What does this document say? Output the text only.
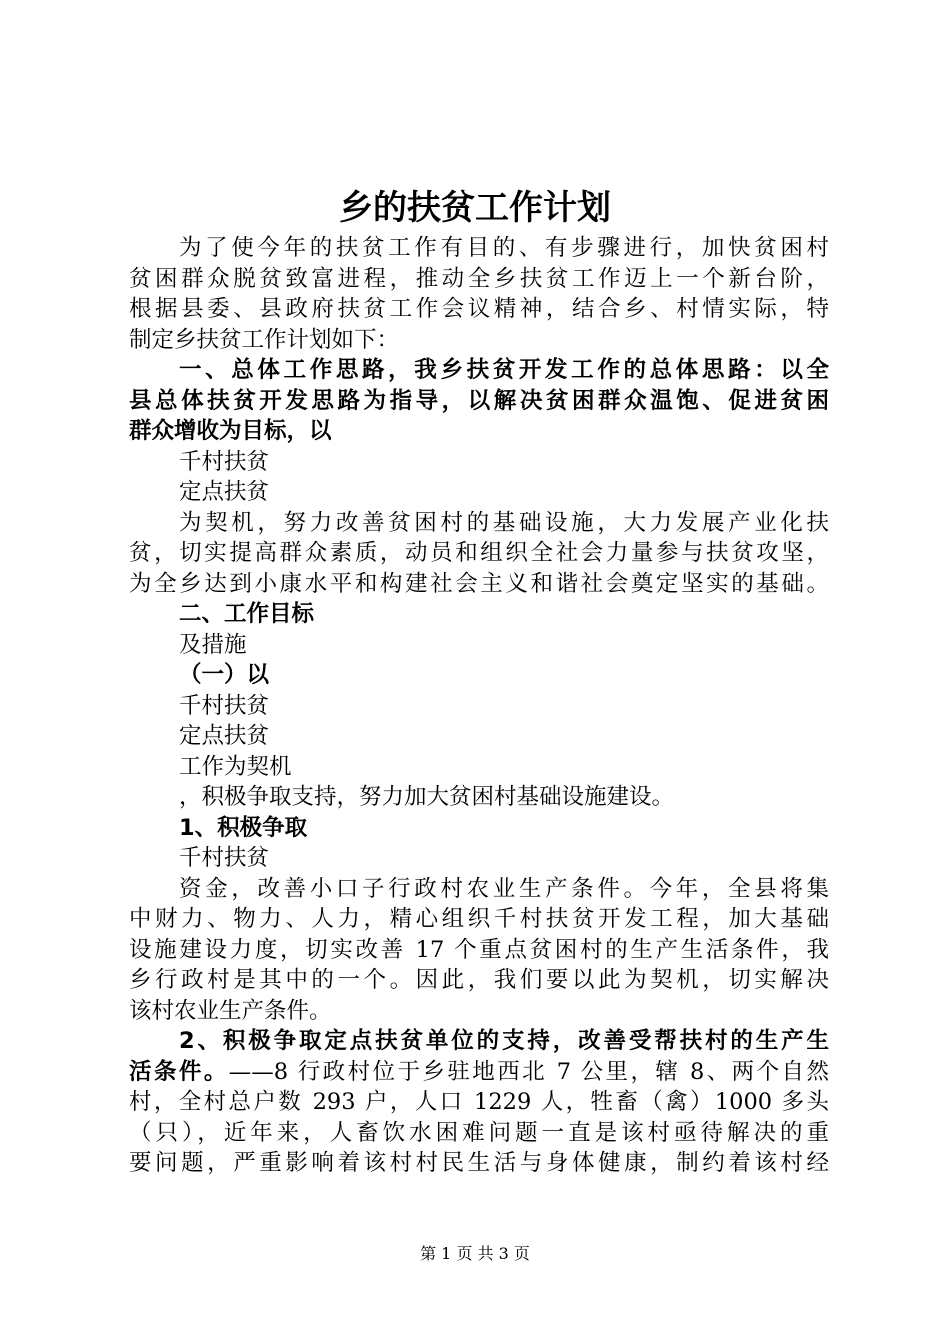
乡的扶贫工作计划
为了使今年的扶贫工作有目的、有步骤进行，加快贫困村
贫困群众脱贫致富进程，推动全乡扶贫工作迈上一个新台阶，
根据县委、县政府扶贫工作会议精神，结合乡、村情实际，特
制定乡扶贫工作计划如下：
一、总体工作思路，我乡扶贫开发工作的总体思路：以全
县总体扶贫开发思路为指导，以解决贫困群众温饱、促进贫困
群众增收为目标，以
千村扶贫
定点扶贫
为契机，努力改善贫困村的基础设施，大力发展产业化扶
贫，切实提高群众素质，动员和组织全社会力量参与扶贫攻坚，
为全乡达到小康水平和构建社会主义和谐社会奠定坚实的基础。
二、工作目标
及措施
（一）以
千村扶贫
定点扶贫
工作为契机
，积极争取支持，努力加大贫困村基础设施建设。
1、积极争取
千村扶贫
资金，改善小口子行政村农业生产条件。今年，全县将集
中财力、物力、人力，精心组织千村扶贫开发工程，加大基础
设施建设力度，切实改善 17 个重点贫困村的生产生活条件，我
乡行政村是其中的一个。因此，我们要以此为契机，切实解决
该村农业生产条件。
2、积极争取定点扶贫单位的支持，改善受帮扶村的生产生
活条件。——8 行政村位于乡驻地西北 7 公里，辖 8、两个自然
村，全村总户数 293 户，人口 1229 人，牲畜（禽）1000 多头
（只），近年来，人畜饮水困难问题一直是该村亟待解决的重
要问题，严重影响着该村村民生活与身体健康，制约着该村经
第 1 页 共 3 页
